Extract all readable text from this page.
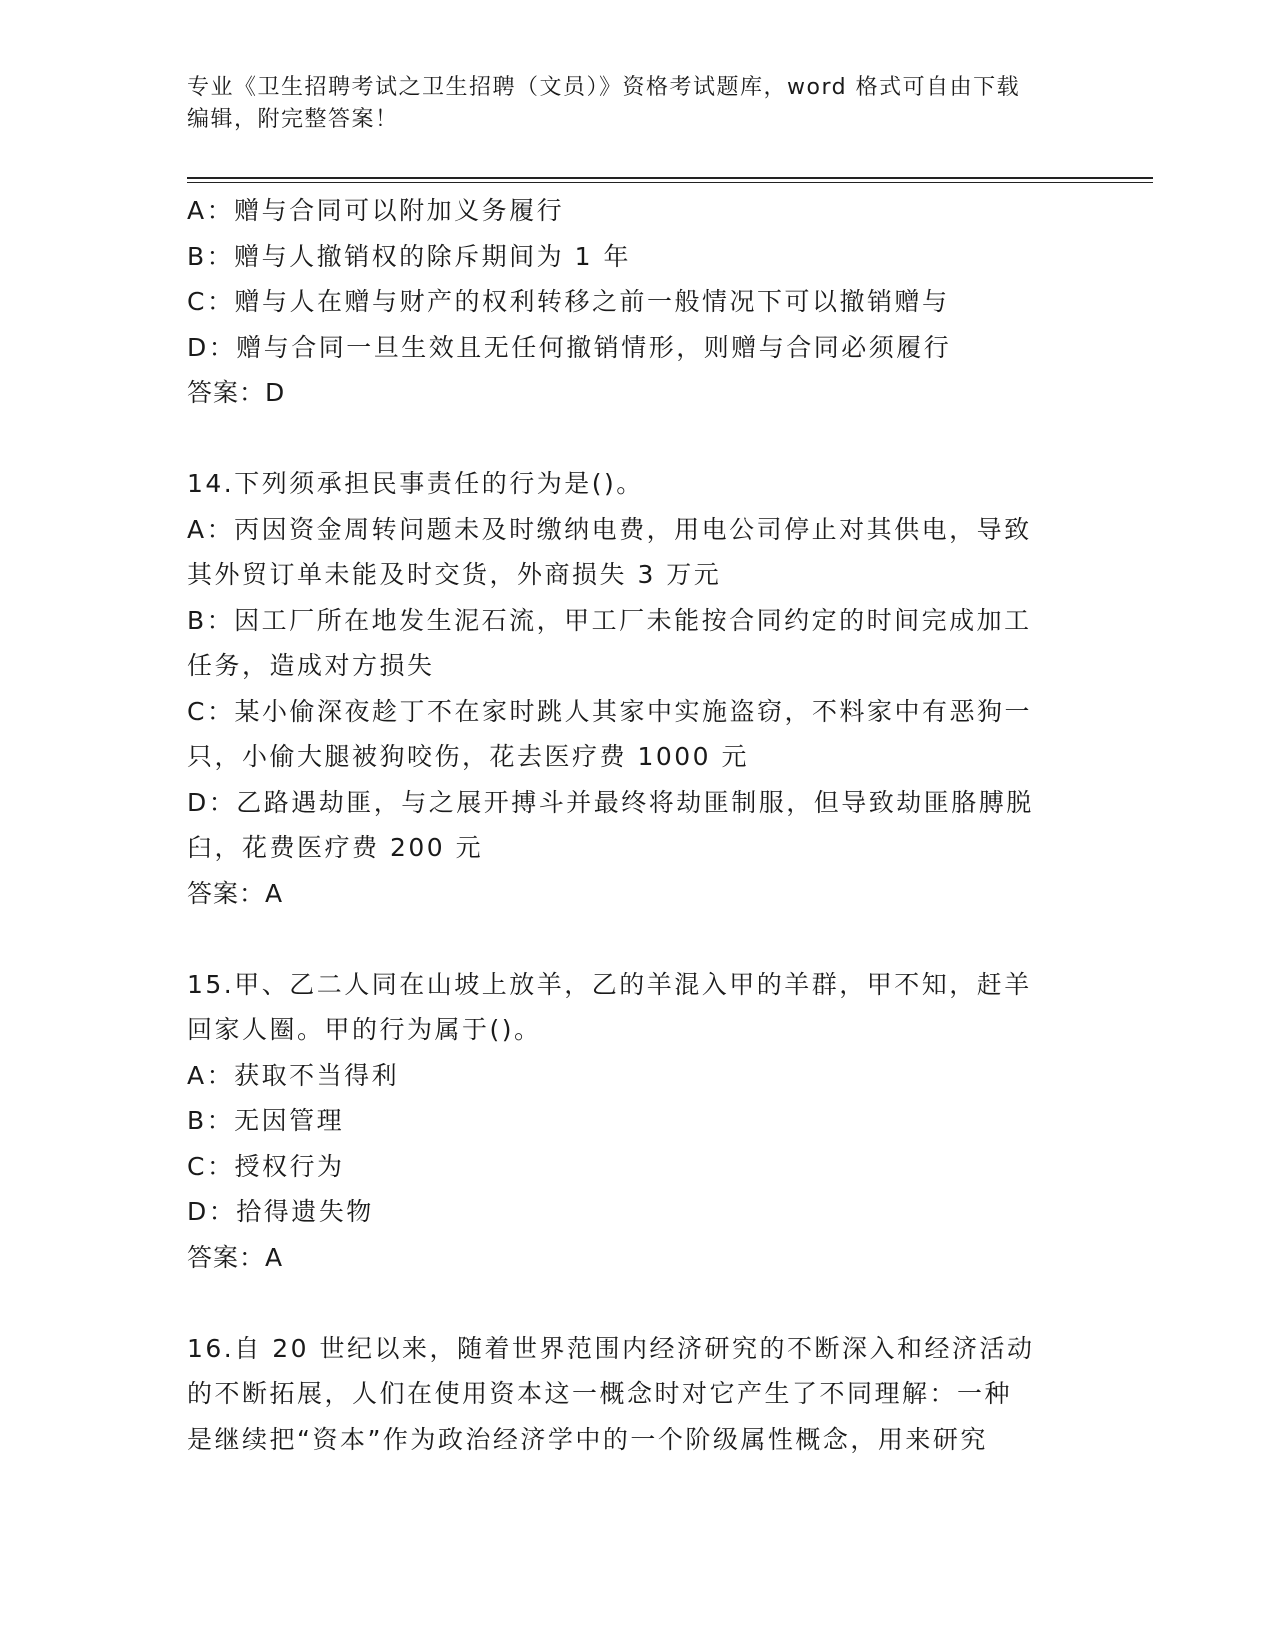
专业《卫生招聘考试之卫生招聘（文员）》资格考试题库，word 格式可自由下载
编辑，附完整答案！
A：赠与合同可以附加义务履行
B：赠与人撤销权的除斥期间为 1 年
C：赠与人在赠与财产的权利转移之前一般情况下可以撤销赠与
D：赠与合同一旦生效且无任何撤销情形，则赠与合同必须履行
答案：D
14.下列须承担民事责任的行为是()。
A：丙因资金周转问题未及时缴纳电费，用电公司停止对其供电，导致
其外贸订单未能及时交货，外商损失 3 万元
B：因工厂所在地发生泥石流，甲工厂未能按合同约定的时间完成加工
任务，造成对方损失
C：某小偷深夜趁丁不在家时跳人其家中实施盗窃，不料家中有恶狗一
只，小偷大腿被狗咬伤，花去医疗费 1000 元
D：乙路遇劫匪，与之展开搏斗并最终将劫匪制服，但导致劫匪胳膊脱
臼，花费医疗费 200 元
答案：A
15.甲、乙二人同在山坡上放羊，乙的羊混入甲的羊群，甲不知，赶羊
回家人圈。甲的行为属于()。
A：获取不当得利
B：无因管理
C：授权行为
D：拾得遗失物
答案：A
16.自 20 世纪以来，随着世界范围内经济研究的不断深入和经济活动
的不断拓展，人们在使用资本这一概念时对它产生了不同理解：一种
是继续把“资本”作为政治经济学中的一个阶级属性概念，用来研究
